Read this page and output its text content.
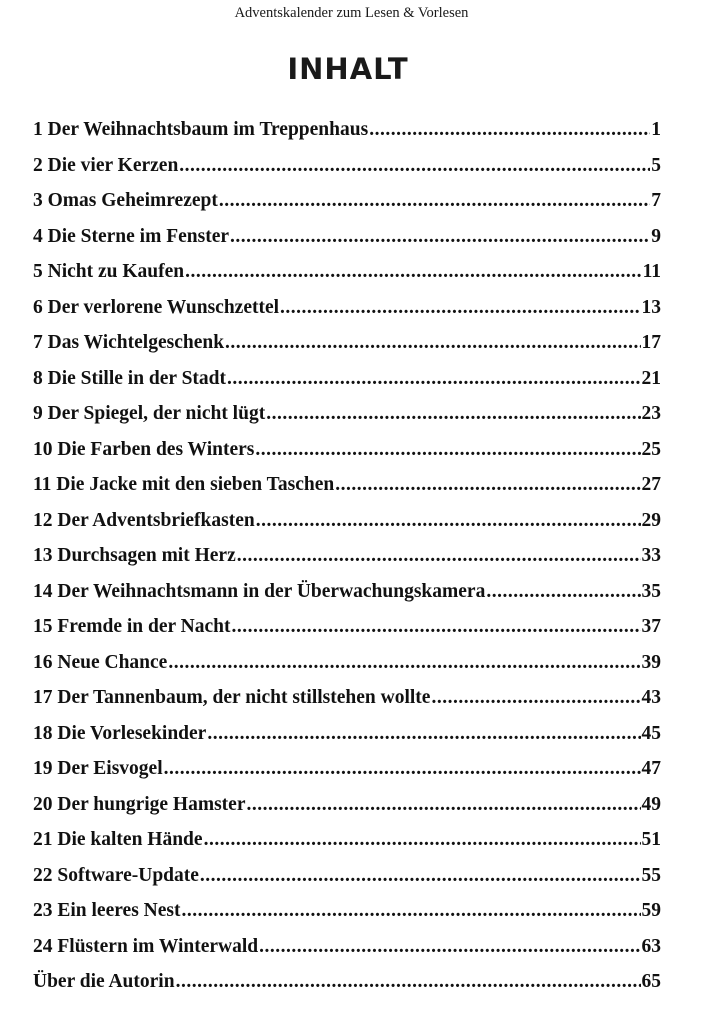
Adventskalender zum Lesen & Vorlesen
INHALT
1 Der Weihnachtsbaum im Treppenhaus .....	1
2 Die vier Kerzen .....	5
3 Omas Geheimrezept .....	7
4 Die Sterne im Fenster .....	9
5 Nicht zu Kaufen .....	11
6 Der verlorene Wunschzettel .....	13
7 Das Wichtelgeschenk .....	17
8 Die Stille in der Stadt .....	21
9 Der Spiegel, der nicht lügt .....	23
10 Die Farben des Winters .....	25
11 Die Jacke mit den sieben Taschen .....	27
12 Der Adventsbriefkasten .....	29
13 Durchsagen mit Herz .....	33
14 Der Weihnachtsmann in der Überwachungskamera .....	35
15 Fremde in der Nacht .....	37
16 Neue Chance .....	39
17 Der Tannenbaum, der nicht stillstehen wollte .....	43
18 Die Vorlesekinder .....	45
19 Der Eisvogel .....	47
20 Der hungrige Hamster .....	49
21 Die kalten Hände .....	51
22 Software-Update .....	55
23 Ein leeres Nest .....	59
24 Flüstern im Winterwald .....	63
Über die Autorin .....	65
